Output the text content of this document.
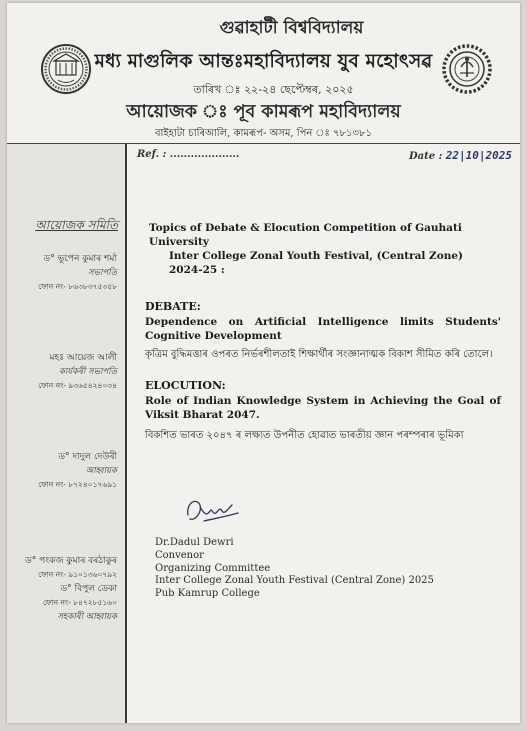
গুৱাহাটী বিশ্ববিদ্যালয়
মধ্য মাগুলিক আন্তঃমহাবিদ্যালয় যুব মহোৎসৱ
তাৰিখ ঃ ২২-২৪ ছেপ্টেম্বৰ, ২০২৫
আয়োজক ঃ পূব কামৰূপ মহাবিদ্যালয়
বাইহাটা চাৰিআলি, কামৰূপ- অসম, পিন ঃ ৭৮১৩৮১
আয়োজক সমিতি
ড° ভূপেন কুমাৰ শৰ্মা
সভাপতি
ফোন নং- ৮৬৩৮৩৭৫৩৫৮
মহঃ আয়েজ আলী
কাৰ্যকৰী সভাপতি
ফোন নং- ৯৩৬৫৪২৪০৩৪
ড° দাদুল দেউৰী
আহ্বায়ক
ফোন নং- ৮৭২৪০১৭৬৯১
ড° পংকজ কুমাৰ বৰঠাকুৰ
ফোন নং- ৯১০১৩৬০৭৯২
ড° বিপুল ডেকা
ফোন নং- ৮৪৭২৮৫১৬০
সহকাৰী আহ্বায়ক
Ref. : ....................	Date : 22|10|2025
Topics of Debate & Elocution Competition of Gauhati University
Inter College Zonal Youth Festival, (Central Zone) 2024-25 :
DEBATE:
Dependence on Artificial Intelligence limits Students' Cognitive Development
কৃত্ৰিম বুদ্ধিমত্তাৰ ওপৰত নিৰ্ভৰশীলতাই শিক্ষাৰ্থীৰ সংজ্ঞানাত্মক বিকাশ সীমিত কৰি তোলে।
ELOCUTION:
Role of Indian Knowledge System in Achieving the Goal of Viksit Bharat 2047.
বিকশিত ভাৰত ২০৪৭ ৰ লক্ষ্যত উপনীত হোৱাত ভাৰতীয় জ্ঞান পৰম্পৰাৰ ভূমিকা
Dr.Dadul Dewri
Convenor
Organizing Committee
Inter College Zonal Youth Festival (Central Zone) 2025
Pub Kamrup College
